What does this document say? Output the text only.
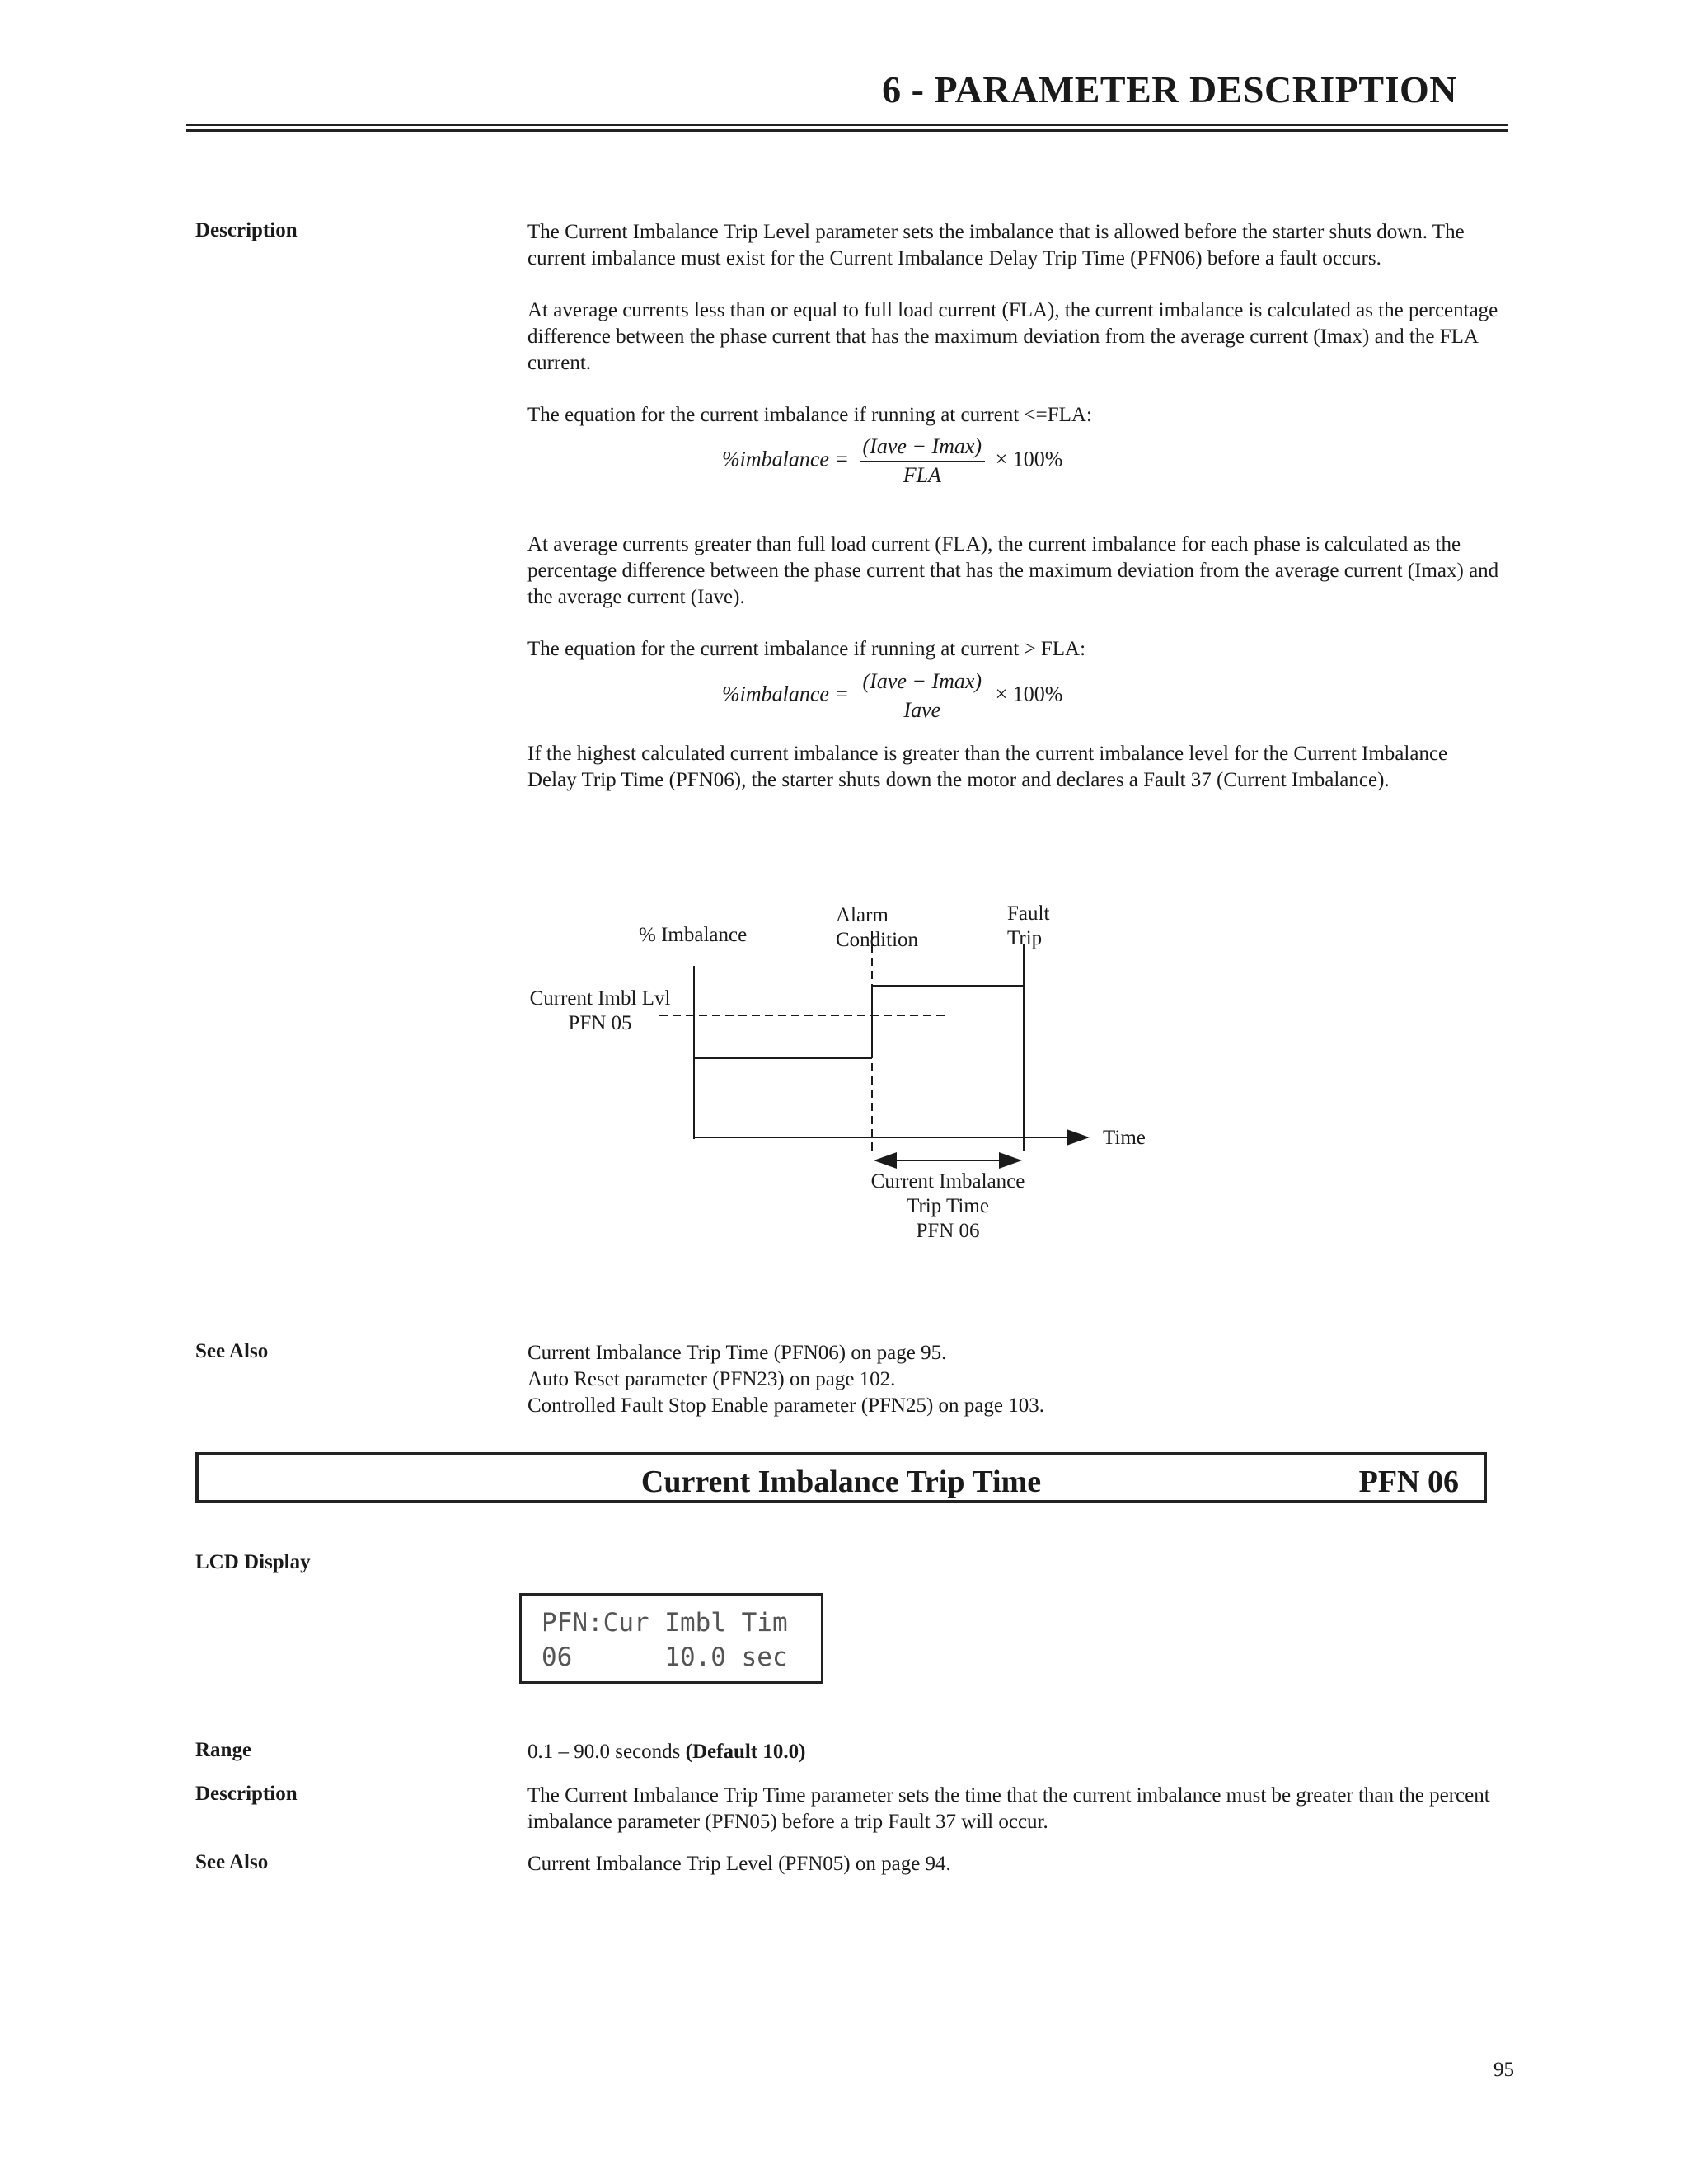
6 - PARAMETER DESCRIPTION
Description	The Current Imbalance Trip Level parameter sets the imbalance that is allowed before the starter shuts down. The current imbalance must exist for the Current Imbalance Delay Trip Time (PFN06) before a fault occurs.

At average currents less than or equal to full load current (FLA), the current imbalance is calculated as the percentage difference between the phase current that has the maximum deviation from the average current (Imax) and the FLA current.

The equation for the current imbalance if running at current <=FLA:

%imbalance = $\frac{\text{(Iave − Imax)}}{\text{FLA}} \times 100\%$

At average currents greater than full load current (FLA), the current imbalance for each phase is calculated as the percentage difference between the phase current that has the maximum deviation from the average current (Imax) and the average current (Iave).

The equation for the current imbalance if running at current > FLA:

%imbalance = $\frac{\text{(Iave − Imax)}}{\text{Iave}} \times 100\%$

If the highest calculated current imbalance is greater than the current imbalance level for the Current Imbalance Delay Trip Time (PFN06), the starter shuts down the motor and declares a Fault 37 (Current Imbalance).

% Imbalance
Alarm
Condition
Fault
Trip
Current Imbl Lvl
PFN 05
Time
Current Imbalance
Trip Time
PFN 06
See Also	Current Imbalance Trip Time (PFN06) on page 95.

Auto Reset parameter (PFN23) on page 102.

Controlled Fault Stop Enable parameter (PFN25) on page 103.

Current Imbalance Trip Time	PFN 06
LCD Display
PFN:Cur Imbl Tim
06      10.0 sec
Range	0.1 – 90.0 seconds (Default 10.0)
Description	The Current Imbalance Trip Time parameter sets the time that the current imbalance must be greater than the percent imbalance parameter (PFN05) before a trip Fault 37 will occur.

See Also	Current Imbalance Trip Level (PFN05) on page 94.

95
